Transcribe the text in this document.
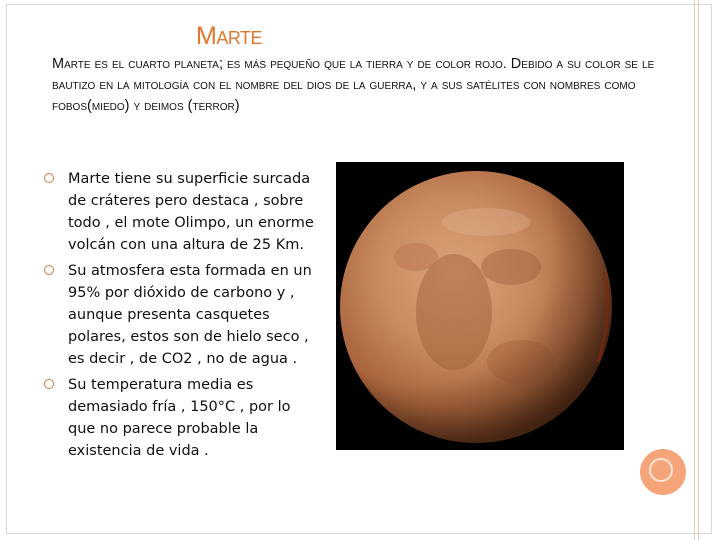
Marte
Marte es el cuarto planeta; es más pequeño que la tierra y de color rojo. Debido a su color se le bautizo en la mitología con el nombre del dios de la guerra, y a sus satélites con nombres como fobos(miedo) y deimos (terror)
Marte tiene su superficie surcada de cráteres pero destaca , sobre todo , el mote Olimpo, un enorme volcán con una altura de 25 Km.
Su atmosfera esta formada en un 95% por dióxido de carbono y , aunque presenta casquetes polares, estos son de hielo seco , es decir , de CO2 , no de agua .
Su temperatura media es demasiado fría , 150°C , por lo que no parece probable la existencia de vida .
